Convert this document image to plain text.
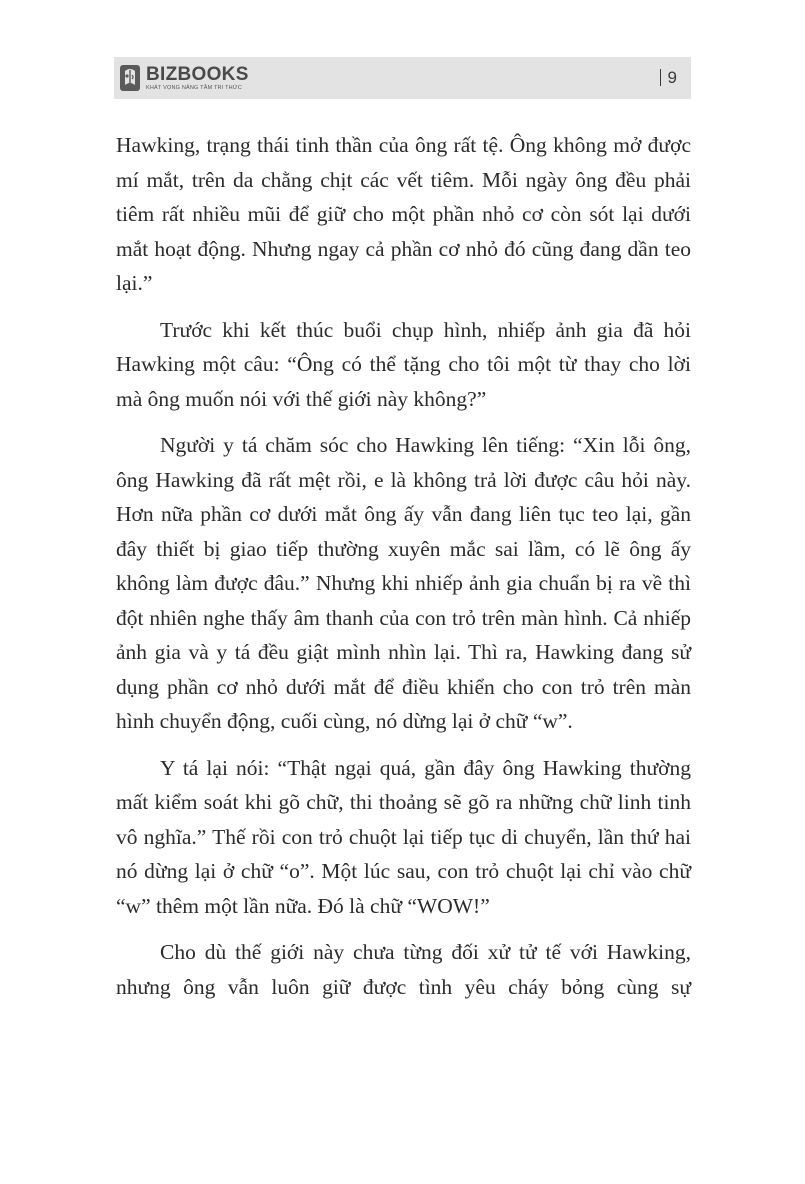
BIZBOOKS
KHÁT VỌNG NÂNG TẦM TRI THỨC
9

Hawking, trạng thái tinh thần của ông rất tệ. Ông không mở được mí mắt, trên da chằng chịt các vết tiêm. Mỗi ngày ông đều phải tiêm rất nhiều mũi để giữ cho một phần nhỏ cơ còn sót lại dưới mắt hoạt động. Nhưng ngay cả phần cơ nhỏ đó cũng đang dần teo lại.”

Trước khi kết thúc buổi chụp hình, nhiếp ảnh gia đã hỏi Hawking một câu: “Ông có thể tặng cho tôi một từ thay cho lời mà ông muốn nói với thế giới này không?”

Người y tá chăm sóc cho Hawking lên tiếng: “Xin lỗi ông, ông Hawking đã rất mệt rồi, e là không trả lời được câu hỏi này. Hơn nữa phần cơ dưới mắt ông ấy vẫn đang liên tục teo lại, gần đây thiết bị giao tiếp thường xuyên mắc sai lầm, có lẽ ông ấy không làm được đâu.” Nhưng khi nhiếp ảnh gia chuẩn bị ra về thì đột nhiên nghe thấy âm thanh của con trỏ trên màn hình. Cả nhiếp ảnh gia và y tá đều giật mình nhìn lại. Thì ra, Hawking đang sử dụng phần cơ nhỏ dưới mắt để điều khiển cho con trỏ trên màn hình chuyển động, cuối cùng, nó dừng lại ở chữ “w”.

Y tá lại nói: “Thật ngại quá, gần đây ông Hawking thường mất kiểm soát khi gõ chữ, thi thoảng sẽ gõ ra những chữ linh tinh vô nghĩa.” Thế rồi con trỏ chuột lại tiếp tục di chuyển, lần thứ hai nó dừng lại ở chữ “o”. Một lúc sau, con trỏ chuột lại chỉ vào chữ “w” thêm một lần nữa. Đó là chữ “WOW!”

Cho dù thế giới này chưa từng đối xử tử tế với Hawking, nhưng ông vẫn luôn giữ được tình yêu cháy bỏng cùng sự
